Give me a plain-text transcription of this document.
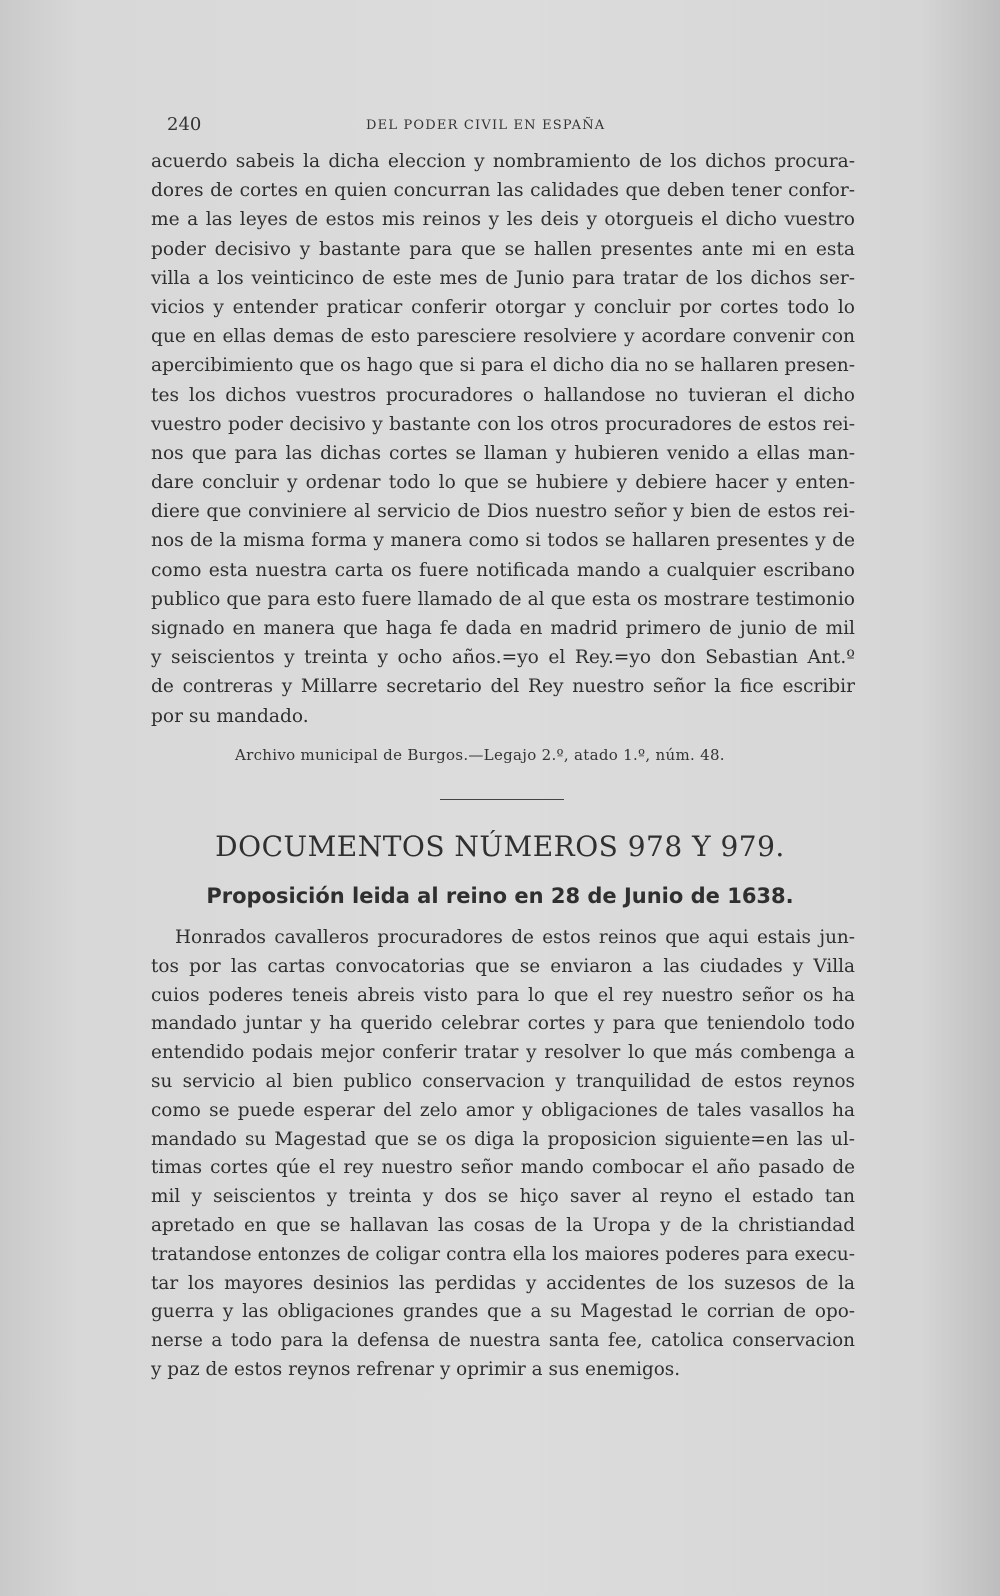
240	DEL PODER CIVIL EN ESPAÑA
acuerdo sabeis la dicha eleccion y nombramiento de los dichos procura-
dores de cortes en quien concurran las calidades que deben tener confor-
me a las leyes de estos mis reinos y les deis y otorgueis el dicho vuestro
poder decisivo y bastante para que se hallen presentes ante mi en esta
villa a los veinticinco de este mes de Junio para tratar de los dichos ser-
vicios y entender praticar conferir otorgar y concluir por cortes todo lo
que en ellas demas de esto paresciere resolviere y acordare convenir con
apercibimiento que os hago que si para el dicho dia no se hallaren presen-
tes los dichos vuestros procuradores o hallandose no tuvieran el dicho
vuestro poder decisivo y bastante con los otros procuradores de estos rei-
nos que para las dichas cortes se llaman y hubieren venido a ellas man-
dare concluir y ordenar todo lo que se hubiere y debiere hacer y enten-
diere que conviniere al servicio de Dios nuestro señor y bien de estos rei-
nos de la misma forma y manera como si todos se hallaren presentes y de
como esta nuestra carta os fuere notificada mando a cualquier escribano
publico que para esto fuere llamado de al que esta os mostrare testimonio
signado en manera que haga fe dada en madrid primero de junio de mil
y seiscientos y treinta y ocho años.=yo el Rey.=yo don Sebastian Ant.º
de contreras y Millarre secretario del Rey nuestro señor la fice escribir
por su mandado.
Archivo municipal de Burgos.—Legajo 2.º, atado 1.º, núm. 48.
DOCUMENTOS NÚMEROS 978 Y 979.
Proposición leida al reino en 28 de Junio de 1638.
Honrados cavalleros procuradores de estos reinos que aqui estais jun-
tos por las cartas convocatorias que se enviaron a las ciudades y Villa
cuios poderes teneis abreis visto para lo que el rey nuestro señor os ha
mandado juntar y ha querido celebrar cortes y para que teniendolo todo
entendido podais mejor conferir tratar y resolver lo que más combenga a
su servicio al bien publico conservacion y tranquilidad de estos reynos
como se puede esperar del zelo amor y obligaciones de tales vasallos ha
mandado su Magestad que se os diga la proposicion siguiente=en las ul-
timas cortes qúe el rey nuestro señor mando combocar el año pasado de
mil y seiscientos y treinta y dos se hiço saver al reyno el estado tan
apretado en que se hallavan las cosas de la Uropa y de la christiandad
tratandose entonzes de coligar contra ella los maiores poderes para execu-
tar los mayores desinios las perdidas y accidentes de los suzesos de la
guerra y las obligaciones grandes que a su Magestad le corrian de opo-
nerse a todo para la defensa de nuestra santa fee, catolica conservacion
y paz de estos reynos refrenar y oprimir a sus enemigos.
